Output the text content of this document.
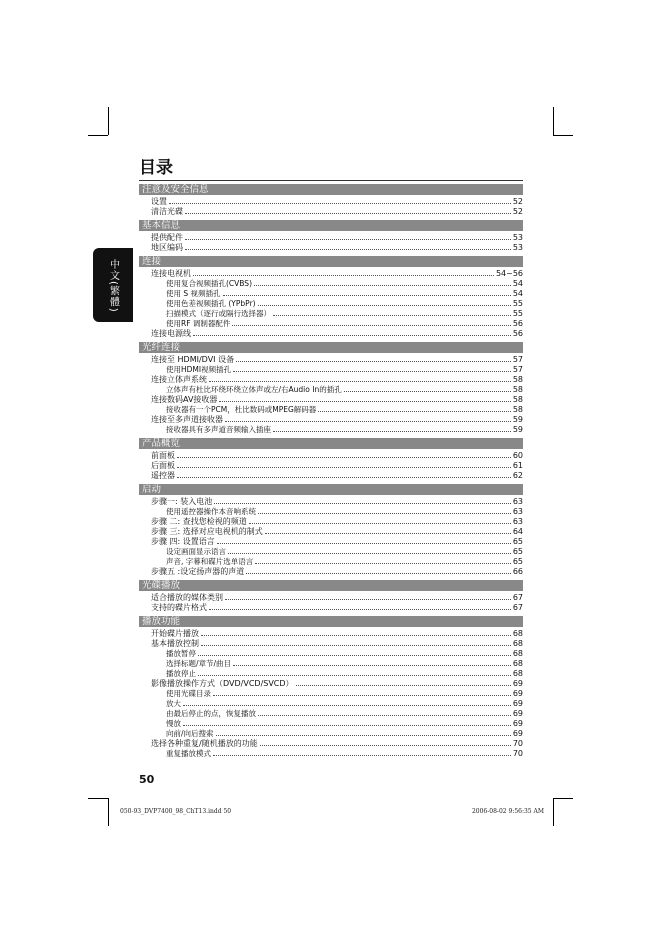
中文(繁體)
目录
注意及安全信息
设置	52
清洁光碟	52
基本信息
提供配件	53
地区编码	53
连接
连接电视机	54~56
使用复合视频插孔(CVBS)	54
使用 S 视频插孔	54
使用色差视频插孔 (YPbPr)	55
扫描模式（逐行或隔行选择器）	55
使用RF 调制器配件	56
连接电源线	56
光纤连接
连接至 HDMI/DVI 设备	57
使用HDMI视频插孔	57
连接立体声系统	58
立体声有杜比环绕环绕立体声或左/右Audio In的插孔	58
连接数码AV接收器	58
接收器有一个PCM，杜比数码或MPEG解码器	58
连接至多声道接收器	59
接收器具有多声道音频输入插座	59
产品概览
前面板	60
后面板	61
遥控器	62
启动
步骤一: 装入电池	63
使用遥控器操作本音响系统	63
步骤 二: 查找您检视的频道	63
步骤 三: 选择对应电视机的制式	64
步骤 四: 设置语言	65
设定画面显示语言	65
声音, 字幕和碟片选单语言	65
步骤五 :设定扬声器的声道	66
光碟播放
适合播放的媒体类别	67
支持的碟片格式	67
播放功能
开始碟片播放	68
基本播放控制	68
播放暂停	68
选择标题/章节/曲目	68
播放停止	68
影像播放操作方式（DVD/VCD/SVCD）	69
使用光碟目录	69
放大	69
由最后停止的点，恢复播放	69
慢放	69
向前/向后搜索	69
选择各种重复/随机播放的功能	70
重复播放模式	70
50
050-93_DVP7400_98_ChT13.indd 50	2006-08-02 9:56:35 AM
